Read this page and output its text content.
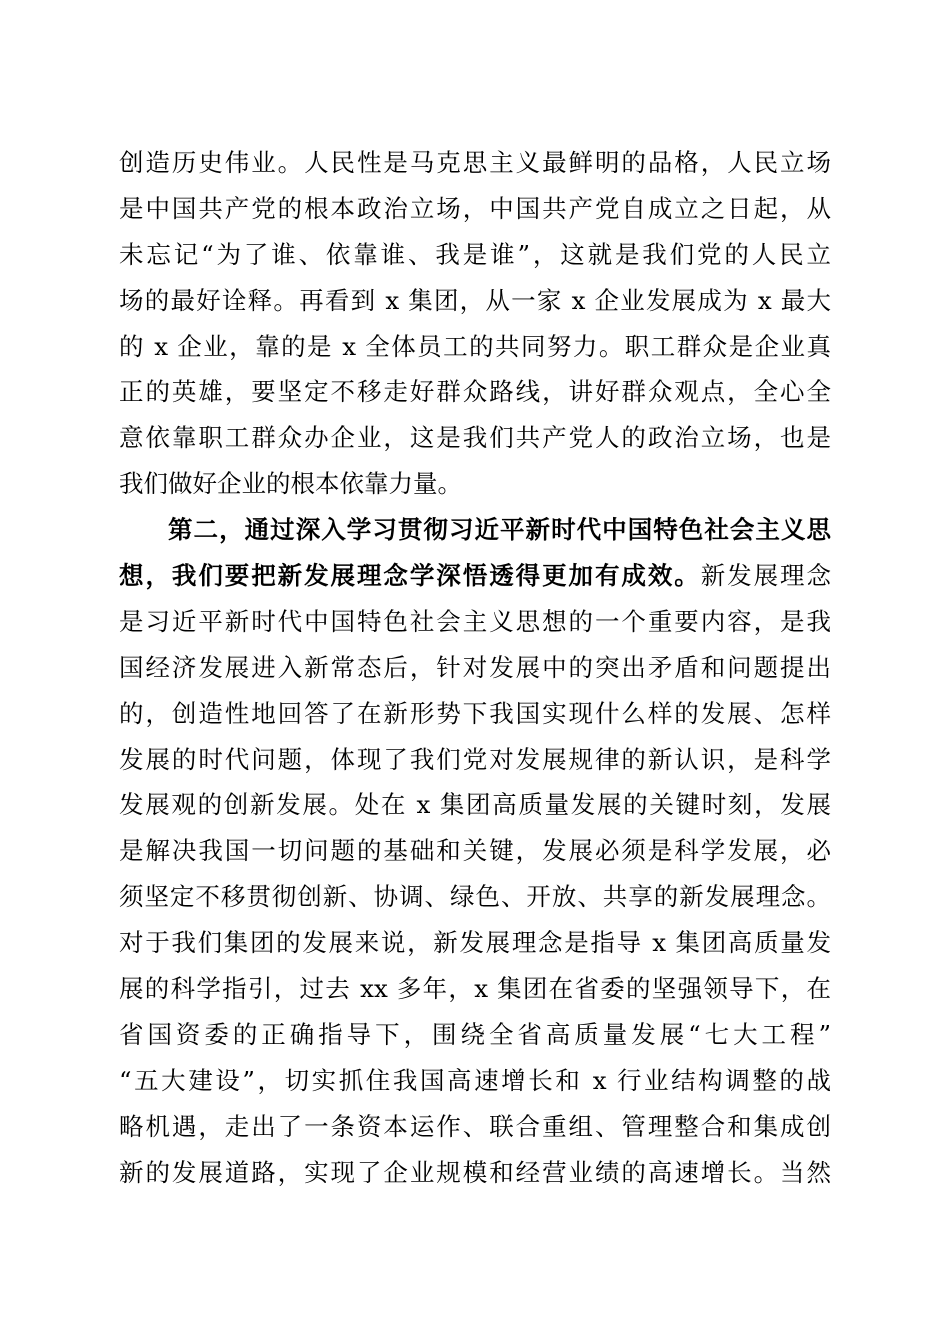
创造历史伟业。人民性是马克思主义最鲜明的品格，人民立场
是中国共产党的根本政治立场，中国共产党自成立之日起，从
未忘记“为了谁、依靠谁、我是谁”，这就是我们党的人民立
场的最好诠释。再看到 x 集团，从一家 x 企业发展成为 x 最大
的 x 企业，靠的是 x 全体员工的共同努力。职工群众是企业真
正的英雄，要坚定不移走好群众路线，讲好群众观点，全心全
意依靠职工群众办企业，这是我们共产党人的政治立场，也是
我们做好企业的根本依靠力量。
第二，通过深入学习贯彻习近平新时代中国特色社会主义思
想，我们要把新发展理念学深悟透得更加有成效。新发展理念
是习近平新时代中国特色社会主义思想的一个重要内容，是我
国经济发展进入新常态后，针对发展中的突出矛盾和问题提出
的，创造性地回答了在新形势下我国实现什么样的发展、怎样
发展的时代问题，体现了我们党对发展规律的新认识，是科学
发展观的创新发展。处在 x 集团高质量发展的关键时刻，发展
是解决我国一切问题的基础和关键，发展必须是科学发展，必
须坚定不移贯彻创新、协调、绿色、开放、共享的新发展理念。
对于我们集团的发展来说，新发展理念是指导 x 集团高质量发
展的科学指引，过去 xx 多年，x 集团在省委的坚强领导下，在
省国资委的正确指导下，围绕全省高质量发展“七大工程”
“五大建设”，切实抓住我国高速增长和 x 行业结构调整的战
略机遇，走出了一条资本运作、联合重组、管理整合和集成创
新的发展道路，实现了企业规模和经营业绩的高速增长。当然
